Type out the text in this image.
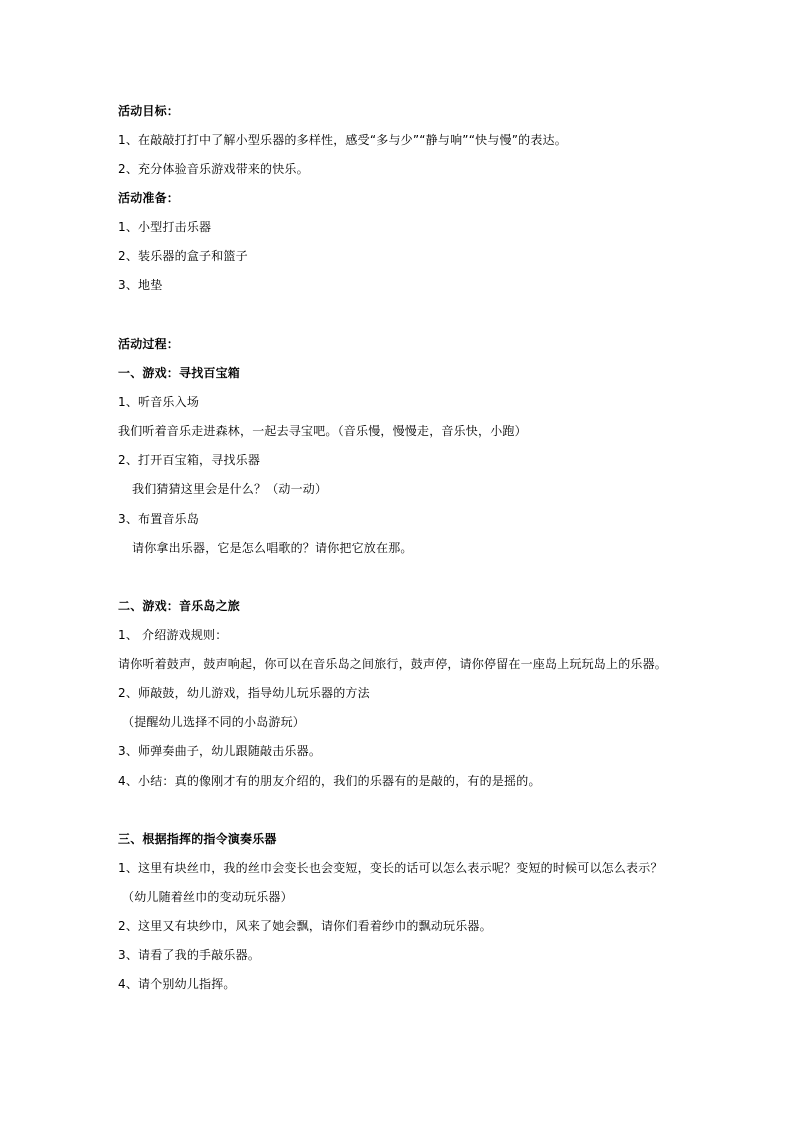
活动目标：
1、在敲敲打打中了解小型乐器的多样性，感受“多与少”“静与响”“快与慢”的表达。
2、充分体验音乐游戏带来的快乐。
活动准备：
1、小型打击乐器
2、装乐器的盒子和篮子
3、地垫
活动过程：
一、游戏：寻找百宝箱
1、听音乐入场
我们听着音乐走进森林，一起去寻宝吧。（音乐慢，慢慢走，音乐快，小跑）
2、打开百宝箱，寻找乐器
我们猜猜这里会是什么？（动一动）
3、布置音乐岛
请你拿出乐器，它是怎么唱歌的？请你把它放在那。
二、游戏：音乐岛之旅
1、 介绍游戏规则：
请你听着鼓声，鼓声响起，你可以在音乐岛之间旅行，鼓声停，请你停留在一座岛上玩玩岛上的乐器。
2、师敲鼓，幼儿游戏，指导幼儿玩乐器的方法
（提醒幼儿选择不同的小岛游玩）
3、师弹奏曲子，幼儿跟随敲击乐器。
4、小结：真的像刚才有的朋友介绍的，我们的乐器有的是敲的，有的是摇的。
三、根据指挥的指令演奏乐器
1、这里有块丝巾，我的丝巾会变长也会变短，变长的话可以怎么表示呢？变短的时候可以怎么表示？
（幼儿随着丝巾的变动玩乐器）
2、这里又有块纱巾，风来了她会飘，请你们看着纱巾的飘动玩乐器。
3、请看了我的手敲乐器。
4、请个别幼儿指挥。
